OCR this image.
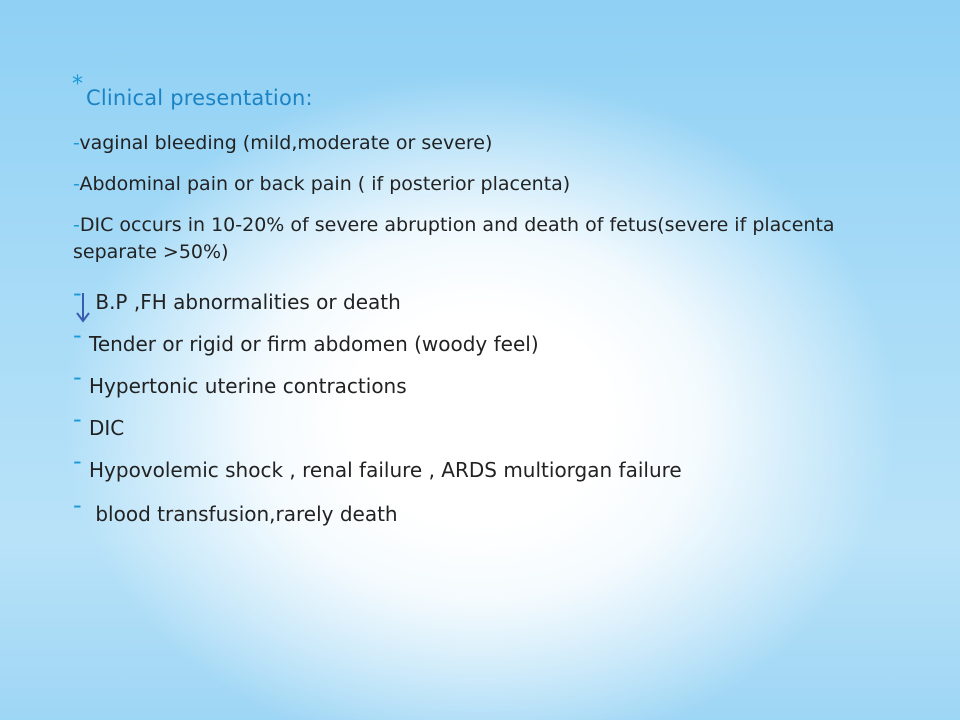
*
Clinical presentation:
-vaginal bleeding (mild,moderate or severe)
-Abdominal pain or back pain ( if posterior placenta)
-DIC occurs in 10-20% of severe abruption and death of fetus(severe if placenta separate >50%)
- B.P ,FH abnormalities or death
- Tender or rigid or firm abdomen (woody feel)
- Hypertonic uterine contractions
- DIC
- Hypovolemic shock , renal failure , ARDS multiorgan failure
- blood transfusion,rarely death
